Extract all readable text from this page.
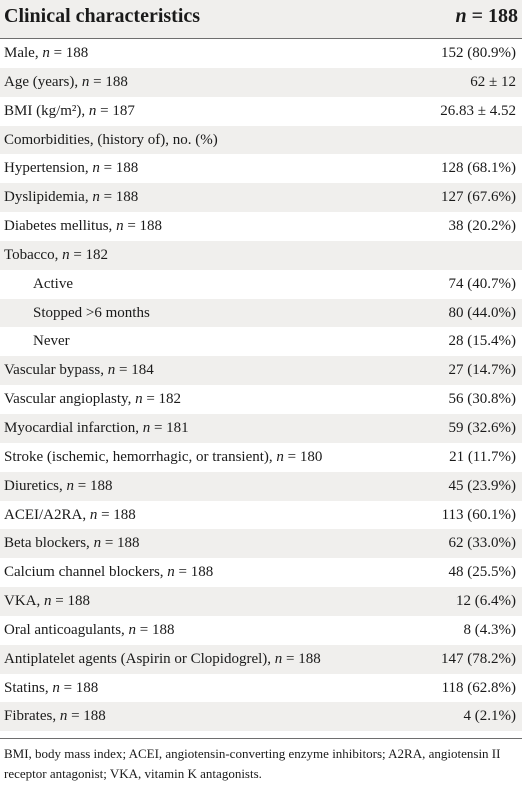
Clinical characteristics	n = 188
Male, n = 188	152 (80.9%)
Age (years), n = 188	62 ± 12
BMI (kg/m²), n = 187	26.83 ± 4.52
Comorbidities, (history of), no. (%)
Hypertension, n = 188	128 (68.1%)
Dyslipidemia, n = 188	127 (67.6%)
Diabetes mellitus, n = 188	38 (20.2%)
Tobacco, n = 182
Active	74 (40.7%)
Stopped >6 months	80 (44.0%)
Never	28 (15.4%)
Vascular bypass, n = 184	27 (14.7%)
Vascular angioplasty, n = 182	56 (30.8%)
Myocardial infarction, n = 181	59 (32.6%)
Stroke (ischemic, hemorrhagic, or transient), n = 180	21 (11.7%)
Diuretics, n = 188	45 (23.9%)
ACEI/A2RA, n = 188	113 (60.1%)
Beta blockers, n = 188	62 (33.0%)
Calcium channel blockers, n = 188	48 (25.5%)
VKA, n = 188	12 (6.4%)
Oral anticoagulants, n = 188	8 (4.3%)
Antiplatelet agents (Aspirin or Clopidogrel), n = 188	147 (78.2%)
Statins, n = 188	118 (62.8%)
Fibrates, n = 188	4 (2.1%)
BMI, body mass index; ACEI, angiotensin-converting enzyme inhibitors; A2RA, angiotensin II receptor antagonist; VKA, vitamin K antagonists.
